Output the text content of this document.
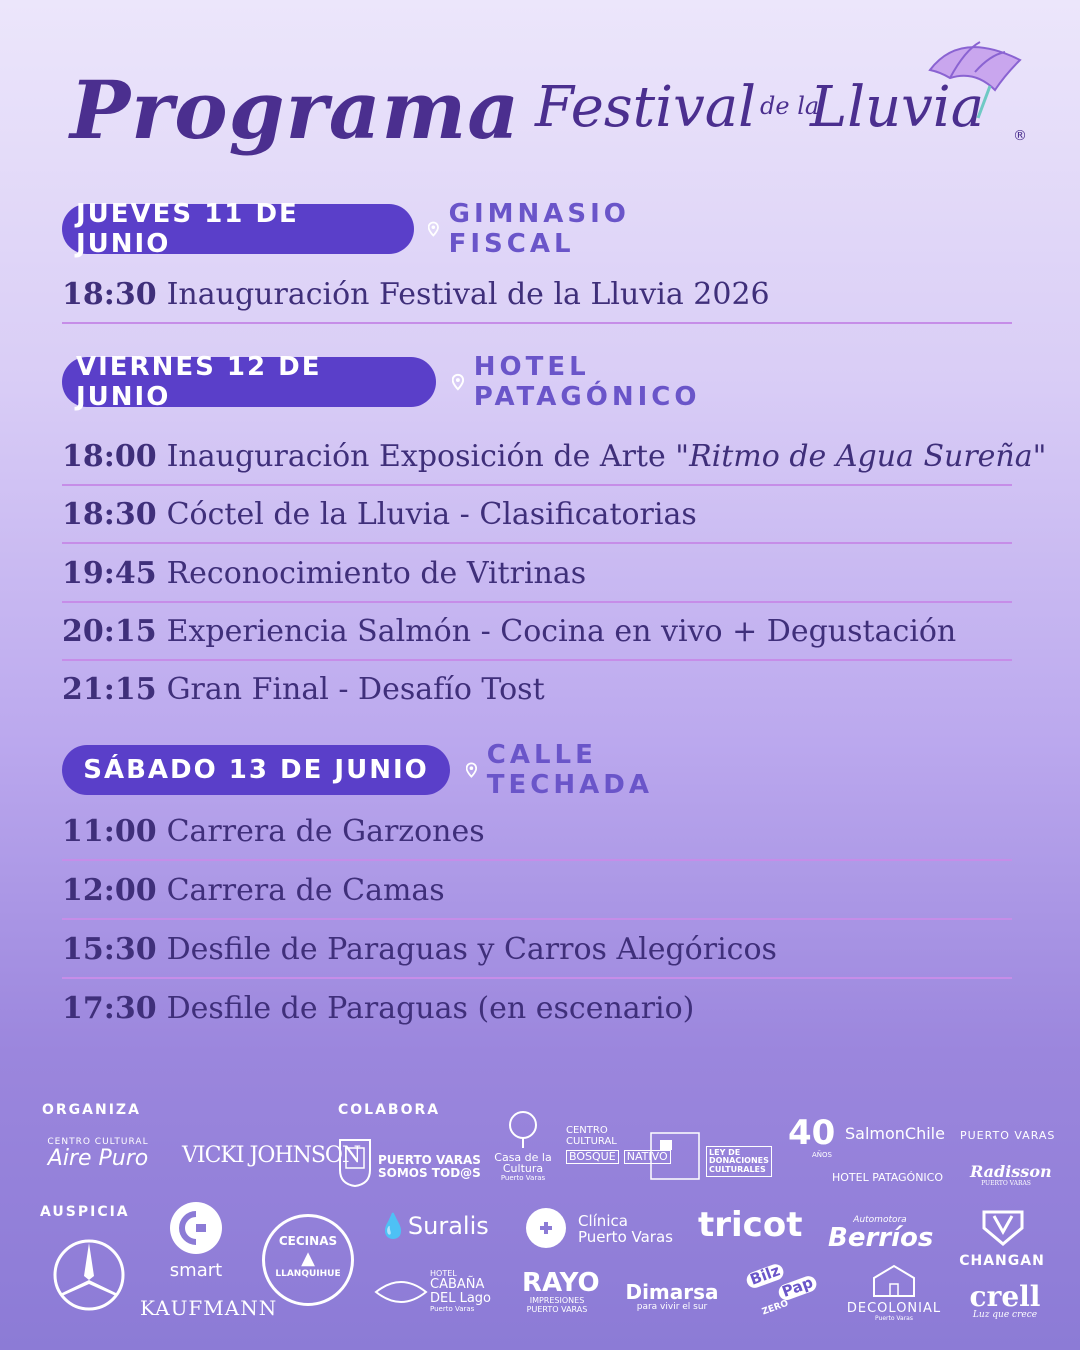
Programa Festival de la
Lluvia ®
JUEVES 11 DE JUNIO
GIMNASIO FISCAL
18:30 Inauguración Festival de la Lluvia 2026
VIERNES 12 DE JUNIO
HOTEL PATAGÓNICO
18:00 Inauguración Exposición de Arte "Ritmo de Agua Sureña"
18:30 Cóctel de la Lluvia - Clasificatorias
19:45 Reconocimiento de Vitrinas
20:15 Experiencia Salmón - Cocina en vivo + Degustación
21:15 Gran Final - Desafío Tost
SÁBADO 13 DE JUNIO	CALLE TECHADA
11:00 Carrera de Garzones
12:00 Carrera de Camas
15:30 Desfile de Paraguas y Carros Alegóricos
17:30 Desfile de Paraguas (en escenario)
ORGANIZA	COLABORA
AUSPICIA
CENTRO CULTURAL
Aire Puro	VICKI JOHNSON PUERTO VARAS
SOMOS TOD@S
Casa de la Cultura
Puerto Varas
CENTRO CULTURAL
BOSQUE NATIVO	LEY DE
DONACIONES
CULTURALES
40
AÑOS
SalmonChile PUERTO VARAS
HOTEL PATAGÓNICO Radisson
PUERTO VARAS
smart
KAUFMANN
CECINAS
▲
LLANQUIHUE
💧Suralis	Clínica
Puerto Varas tricot	Automotora
Berríos
CHANGAN
HOTEL
CABAÑA
DEL Lago
Puerto Varas
RAYO
IMPRESIONES
PUERTO VARAS
Dimarsa
para vivir el sur
Bilz
Pap
ZERO	DECOLONIAL
Puerto Varas
crell
Luz que crece
